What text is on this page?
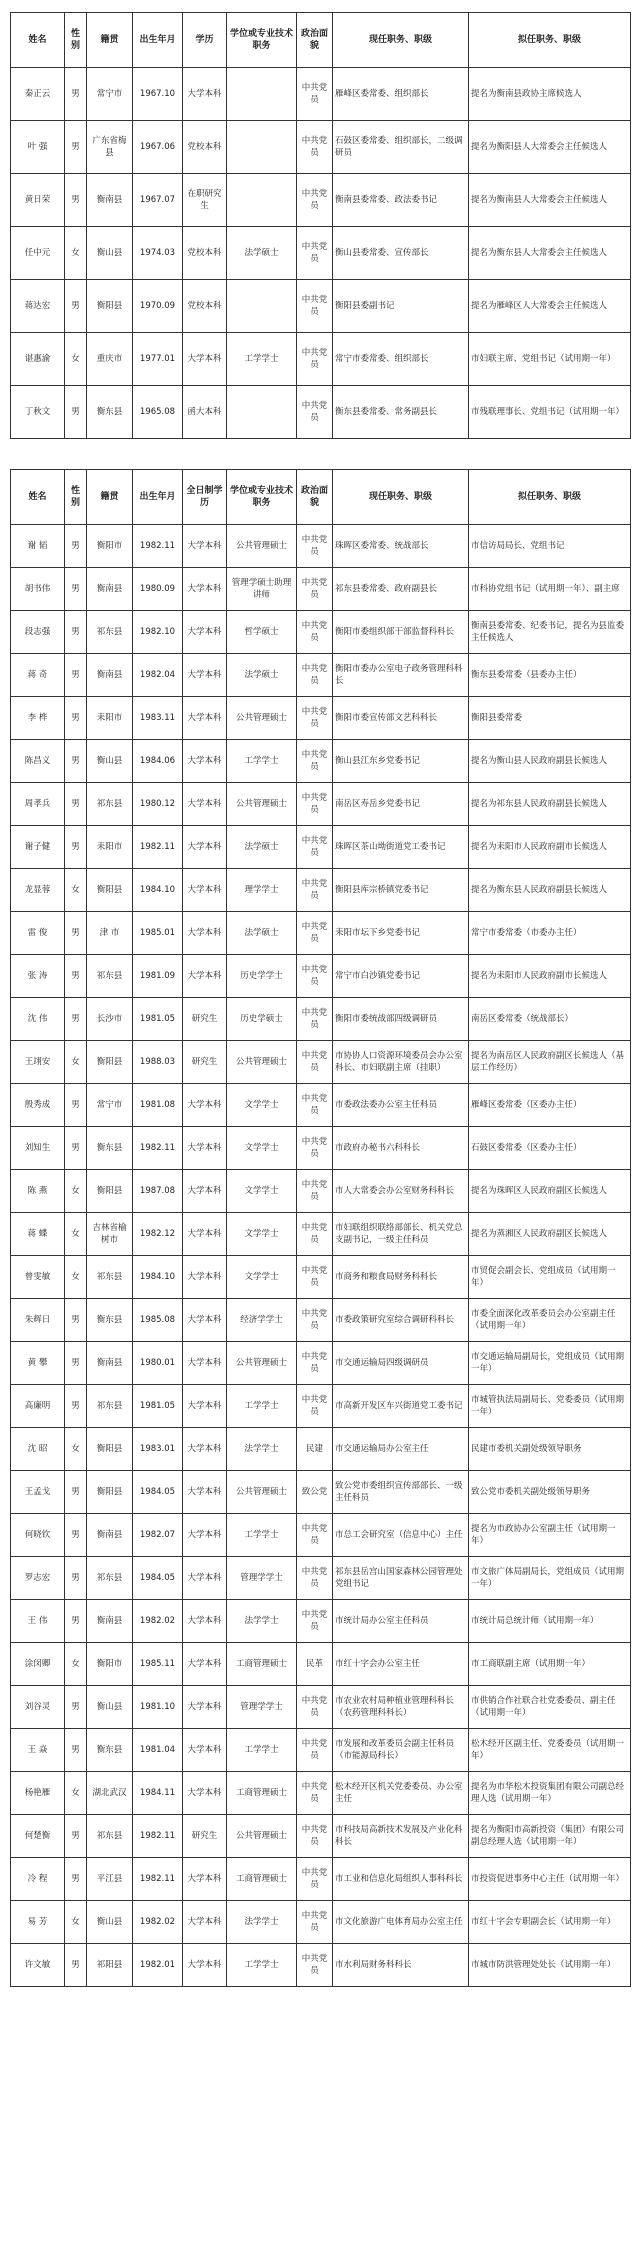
姓名	性别	籍贯	出生年月	学历	学位或专业技术职务	政治面貌	现任职务、职级	拟任职务、职级
秦正云	男	常宁市	1967.10	大学本科		中共党员	雁峰区委常委、组织部长	提名为衡南县政协主席候选人
叶 强	男	广东省梅县	1967.06	党校本科		中共党员	石鼓区委常委、组织部长，二级调研员	提名为衡阳县人大常委会主任候选人
黄日荣	男	衡南县	1967.07	在职研究生		中共党员	衡南县委常委、政法委书记	提名为衡南县人大常委会主任候选人
任中元	女	衡山县	1974.03	党校本科	法学硕士	中共党员	衡山县委常委、宣传部长	提名为衡东县人大常委会主任候选人
蒋达宏	男	衡阳县	1970.09	党校本科		中共党员	衡阳县委副书记	提名为雁峰区人大常委会主任候选人
谌惠渝	女	重庆市	1977.01	大学本科	工学学士	中共党员	常宁市委常委、组织部长	市妇联主席、党组书记（试用期一年）
丁秋文	男	衡东县	1965.08	函大本科		中共党员	衡东县委常委、常务副县长	市残联理事长、党组书记（试用期一年）
姓名	性别	籍贯	出生年月	全日制学历	学位或专业技术职务	政治面貌	现任职务、职级	拟任职务、职级
谢 韬	男	衡阳市	1982.11	大学本科	公共管理硕士	中共党员	珠晖区委常委、统战部长	市信访局局长、党组书记
胡书伟	男	衡南县	1980.09	大学本科	管理学硕士助理讲师	中共党员	祁东县委常委、政府副县长	市科协党组书记（试用期一年）、副主席
段志强	男	祁东县	1982.10	大学本科	哲学硕士	中共党员	衡阳市委组织部干部监督科科长	衡南县委常委、纪委书记，提名为县监委主任候选人
蒋 奇	男	衡南县	1982.04	大学本科	法学硕士	中共党员	衡阳市委办公室电子政务管理科科长	衡东县委常委（县委办主任）
李 桦	男	耒阳市	1983.11	大学本科	公共管理硕士	中共党员	衡阳市委宣传部文艺科科长	衡阳县委常委
陈昌义	男	衡山县	1984.06	大学本科	工学学士	中共党员	衡山县江东乡党委书记	提名为衡山县人民政府副县长候选人
周孝兵	男	祁东县	1980.12	大学本科	公共管理硕士	中共党员	南岳区寿岳乡党委书记	提名为祁东县人民政府副县长候选人
谢子健	男	耒阳市	1982.11	大学本科	法学硕士	中共党员	珠晖区茶山坳街道党工委书记	提名为耒阳市人民政府副市长候选人
龙显蓉	女	衡阳县	1984.10	大学本科	理学学士	中共党员	衡阳县库宗桥镇党委书记	提名为衡东县人民政府副县长候选人
雷 俊	男	津 市	1985.01	大学本科	法学硕士	中共党员	耒阳市坛下乡党委书记	常宁市委常委（市委办主任）
张 涛	男	祁东县	1981.09	大学本科	历史学学士	中共党员	常宁市白沙镇党委书记	提名为耒阳市人民政府副市长候选人
沈 伟	男	长沙市	1981.05	研究生	历史学硕士	中共党员	衡阳市委统战部四级调研员	南岳区委常委（统战部长）
王翊安	女	衡阳县	1988.03	研究生	公共管理硕士	中共党员	市协协人口资源环境委员会办公室科长、市妇联副主席（挂职）	提名为南岳区人民政府副区长候选人（基层工作经历）
殷秀成	男	常宁市	1981.08	大学本科	文学学士	中共党员	市委政法委办公室主任科员	雁峰区委常委（区委办主任）
刘知生	男	衡东县	1982.11	大学本科	文学学士	中共党员	市政府办秘书六科科长	石鼓区委常委（区委办主任）
陈 燕	女	衡阳县	1987.08	大学本科	文学学士	中共党员	市人大常委会办公室财务科科长	提名为珠晖区人民政府副区长候选人
蒋 蝶	女	吉林省榆树市	1982.12	大学本科	文学学士	中共党员	市妇联组织联络部部长、机关党总支副书记，一级主任科员	提名为蒸湘区人民政府副区长候选人
曾雯敏	女	祁东县	1984.10	大学本科	文学学士	中共党员	市商务和粮食局财务科科长	市贸促会副会长、党组成员（试用期一年）
朱辉日	男	衡东县	1985.08	大学本科	经济学学士	中共党员	市委政策研究室综合调研科科长	市委全面深化改革委员会办公室副主任（试用期一年）
黄 攀	男	衡南县	1980.01	大学本科	公共管理硕士	中共党员	市交通运输局四级调研员	市交通运输局副局长，党组成员（试用期一年）
高廉明	男	祁东县	1981.05	大学本科	工学学士	中共党员	市高新开发区车兴街道党工委书记	市城管执法局副局长、党委委员（试用期一年）
沈 昭	女	衡阳县	1983.01	大学本科	法学学士	民建	市交通运输局办公室主任	民建市委机关副处级领导职务
王孟戈	男	衡阳县	1984.05	大学本科	公共管理硕士	致公党	致公党市委组织宣传部部长、一级主任科员	致公党市委机关副处级领导职务
何晓钦	男	衡南县	1982.07	大学本科	工学学士	中共党员	市总工会研究室（信息中心）主任	提名为市政协办公室副主任（试用期一年）
罗志宏	男	祁东县	1984.05	大学本科	管理学学士	中共党员	祁东县岳宫山国家森林公园管理处党组书记	市文旅广体局副局长，党组成员（试用期一年）
王 伟	男	衡南县	1982.02	大学本科	法学学士	中共党员	市统计局办公室主任科员	市统计局总统计师（试用期一年）
涂闵卿	女	衡阳市	1985.11	大学本科	工商管理硕士	民革	市红十字会办公室主任	市工商联副主席（试用期一年）
刘谷灵	男	衡山县	1981.10	大学本科	管理学学士	中共党员	市农业农村局种植业管理科科长（农药管理科科长）	市供销合作社联合社党委委员、副主任（试用期一年）
王 焱	男	衡东县	1981.04	大学本科	工学学士	中共党员	市发展和改革委员会副主任科员（市能源局科长）	松木经开区副主任、党委委员（试用期一年）
杨艳雁	女	湖北武汉	1984.11	大学本科	工商管理硕士	中共党员	松木经开区机关党委委员、办公室主任	提名为市华松木投资集团有限公司副总经理人选（试用期一年）
何楚衡	男	祁东县	1982.11	研究生	公共管理硕士	中共党员	市科技局高新技术发展及产业化科科长	提名为衡阳市高新投资（集团）有限公司副总经理人选（试用期一年）
冷 程	男	平江县	1982.11	大学本科	工商管理硕士	中共党员	市工业和信息化局组织人事科科长	市投资促进事务中心主任（试用期一年）
易 芳	女	衡山县	1982.02	大学本科	法学学士	中共党员	市文化旅游广电体育局办公室主任	市红十字会专职副会长（试用期一年）
许文敏	男	祁阳县	1982.01	大学本科	工学学士	中共党员	市水利局财务科科长	市城市防洪管理处处长（试用期一年）
